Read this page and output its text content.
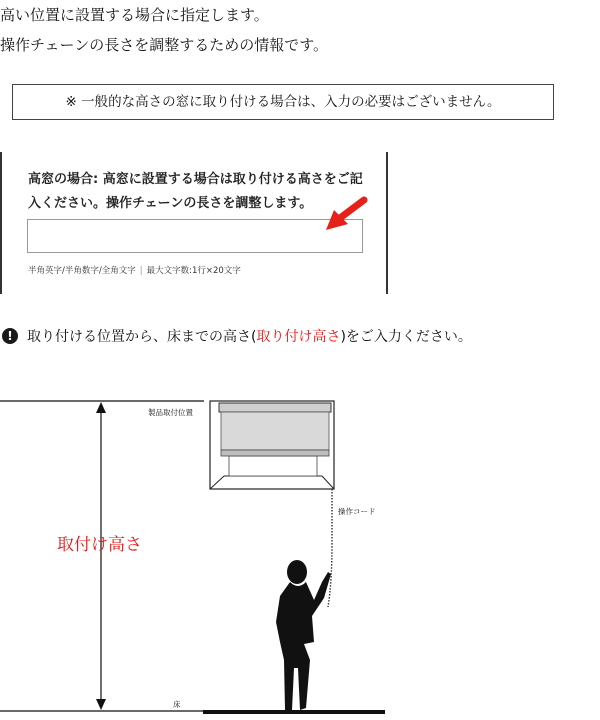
高い位置に設置する場合に指定します。

操作チェーンの長さを調整するための情報です。

※ 一般的な高さの窓に取り付ける場合は、入力の必要はございません。
高窓の場合: 高窓に設置する場合は取り付ける高さをご記入ください。操作チェーンの長さを調整します。
半角英字/半角数字/全角文字 | 最大文字数:1行×20文字
!	取り付ける位置から、床までの高さ( 取り付け高さ )をご入力ください。
製品取付位置
操作コード
床
取付け高さ
